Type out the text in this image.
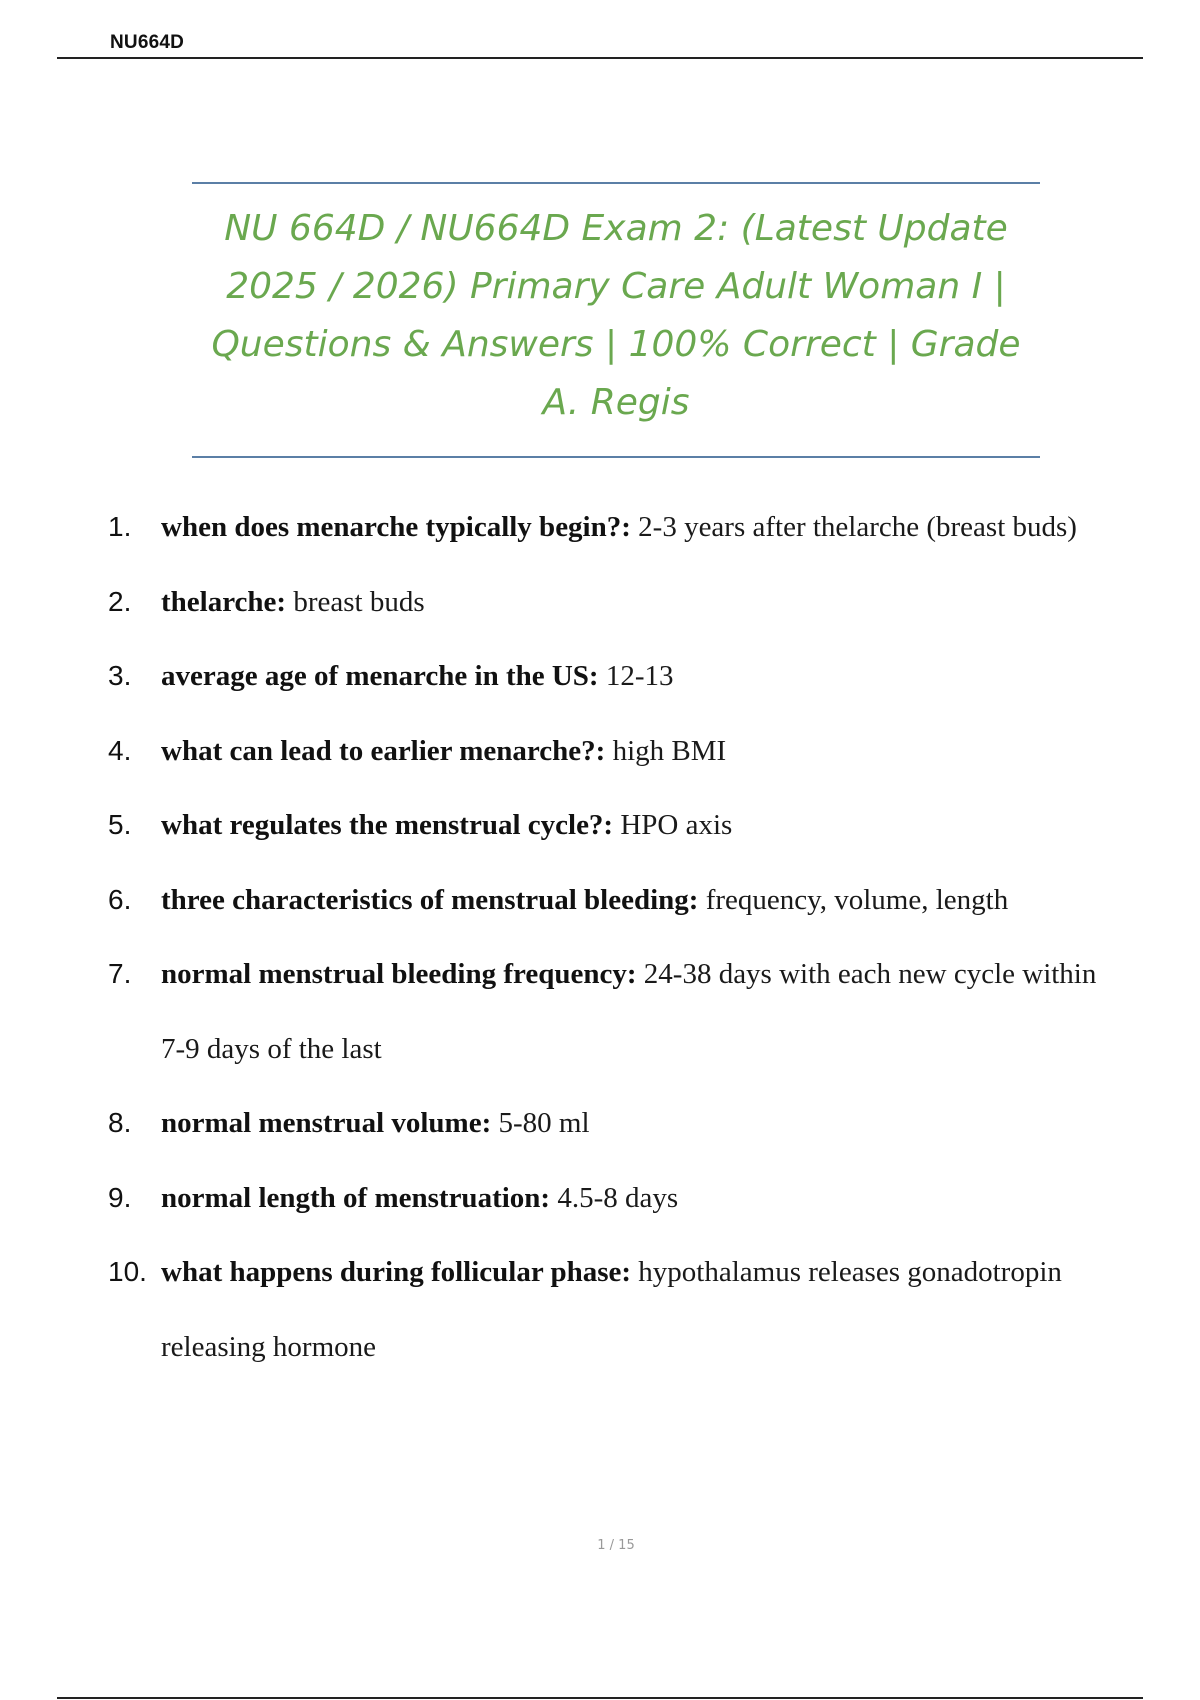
NU664D
NU 664D / NU664D Exam 2: (Latest Update 2025 / 2026) Primary Care Adult Woman I | Questions & Answers | 100% Correct | Grade A. Regis
1. when does menarche typically begin?: 2-3 years after thelarche (breast buds)
2. thelarche: breast buds
3. average age of menarche in the US: 12-13
4. what can lead to earlier menarche?: high BMI
5. what regulates the menstrual cycle?: HPO axis
6. three characteristics of menstrual bleeding: frequency, volume, length
7. normal menstrual bleeding frequency: 24-38 days with each new cycle within 7-9 days of the last
8. normal menstrual volume: 5-80 ml
9. normal length of menstruation: 4.5-8 days
10. what happens during follicular phase: hypothalamus releases gonadotropin releasing hormone
1 / 15
